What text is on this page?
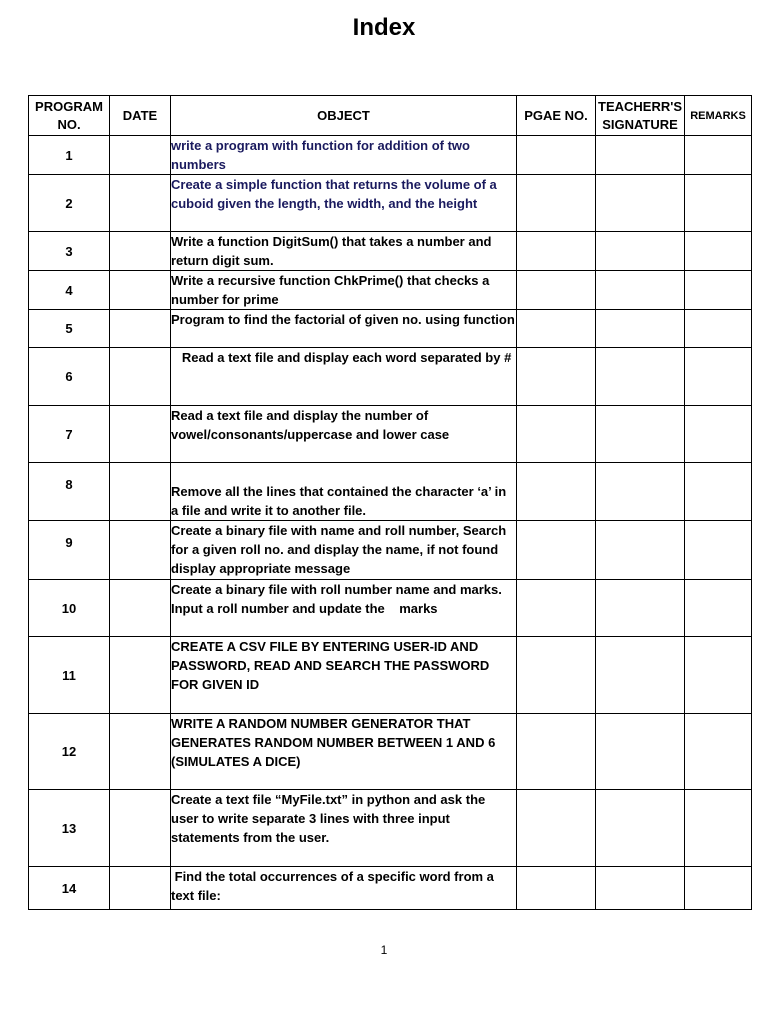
Index
PROGRAM NO.	DATE	OBJECT	PGAE NO.	TEACHERR'S SIGNATURE	REMARKS
1		write a program with function for addition of two numbers			
2		Create a simple function that returns the volume of a cuboid given the length, the width, and the height			
3		Write a function DigitSum() that takes a number and return digit sum.			
4		Write a recursive function ChkPrime() that checks a number for prime			
5		Program to find the factorial of given no. using function			
6		Read a text file and display each word separated by #			
7		Read a text file and display the number of vowel/consonants/uppercase and lower case			
8		Remove all the lines that contained the character ‘a’ in a file and write it to another file.			
9		Create a binary file with name and roll number, Search for a given roll no. and display the name, if not found display appropriate message			
10		Create a binary file with roll number name and marks. Input a roll number and update the    marks			
11		CREATE A CSV FILE BY ENTERING USER-ID AND PASSWORD, READ AND SEARCH THE PASSWORD FOR GIVEN ID			
12		WRITE A RANDOM NUMBER GENERATOR THAT GENERATES RANDOM NUMBER BETWEEN 1 AND 6 (SIMULATES A DICE)			
13		Create a text file “MyFile.txt” in python and ask the user to write separate 3 lines with three input statements from the user.			
14		Find the total occurrences of a specific word from a text file:			
1
